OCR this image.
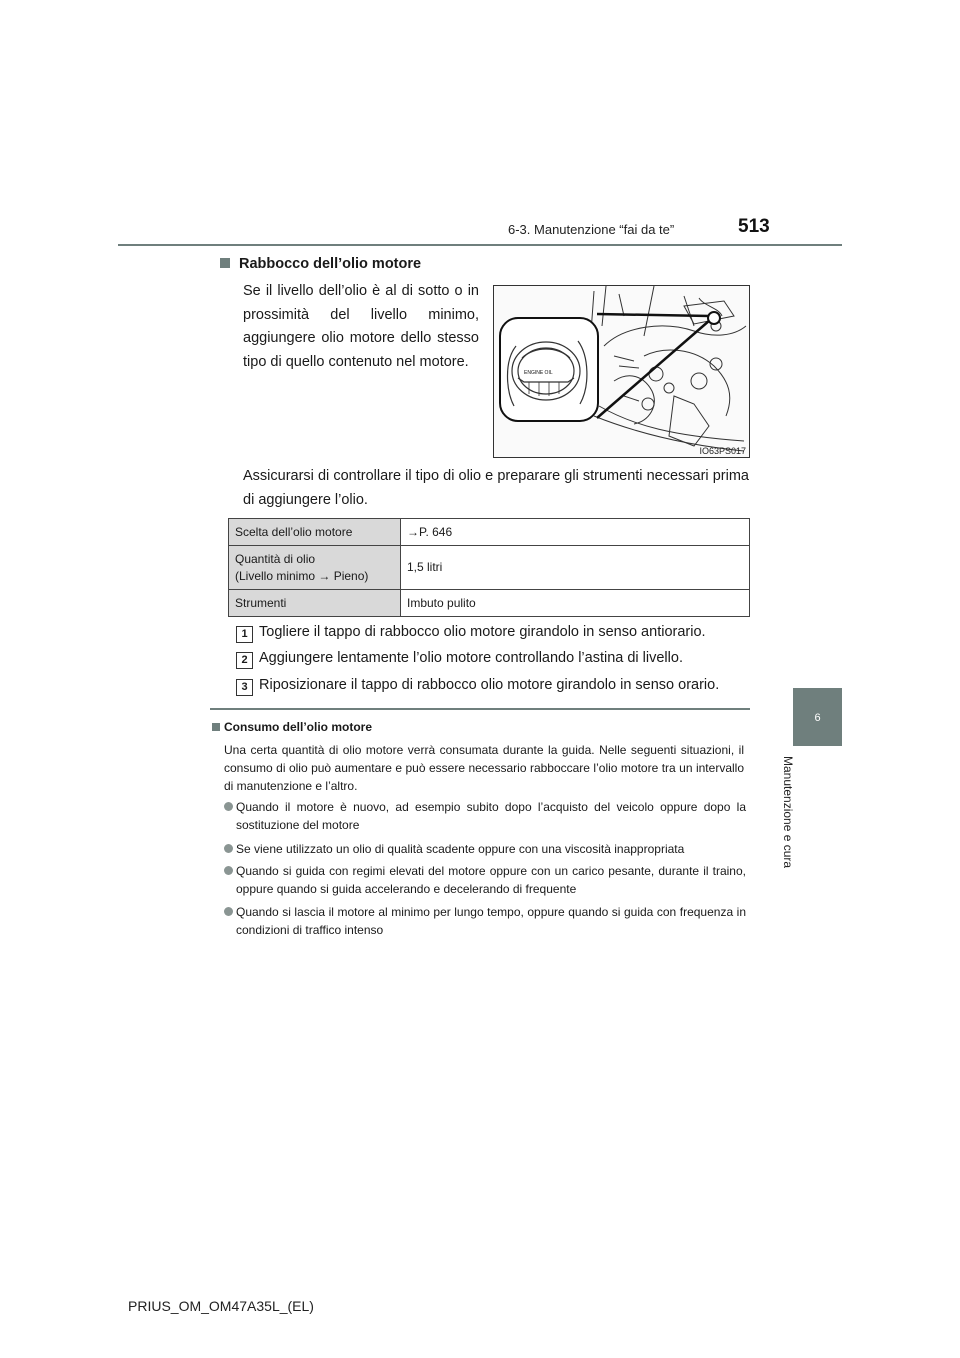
6-3. Manutenzione “fai da te”	513
6
Manutenzione e cura
Rabbocco dell’olio motore
Se il livello dell’olio è al di sotto o in prossimità del livello minimo, aggiungere olio motore dello stesso tipo di quello contenuto nel motore.
ENGINE OIL
IO63PS017
Assicurarsi di controllare il tipo di olio e preparare gli strumenti necessari prima di aggiungere l’olio.
Scelta dell’olio motore	→P. 646

Quantità di olio
(Livello minimo → Pieno)	1,5 litri
Strumenti	Imbuto pulito
1 Togliere il tappo di rabbocco olio motore girandolo in senso antiorario.
2 Aggiungere lentamente l’olio motore controllando l’astina di livello.
3 Riposizionare il tappo di rabbocco olio motore girandolo in senso orario.
Consumo dell’olio motore
Una certa quantità di olio motore verrà consumata durante la guida. Nelle seguenti situazioni, il consumo di olio può aumentare e può essere necessario rabboccare l’olio motore tra un intervallo di manutenzione e l’altro.
Quando il motore è nuovo, ad esempio subito dopo l’acquisto del veicolo oppure dopo la sostituzione del motore
Se viene utilizzato un olio di qualità scadente oppure con una viscosità inappropriata
Quando si guida con regimi elevati del motore oppure con un carico pesante, durante il traino, oppure quando si guida accelerando e decelerando di frequente
Quando si lascia il motore al minimo per lungo tempo, oppure quando si guida con frequenza in condizioni di traffico intenso
PRIUS_OM_OM47A35L_(EL)
